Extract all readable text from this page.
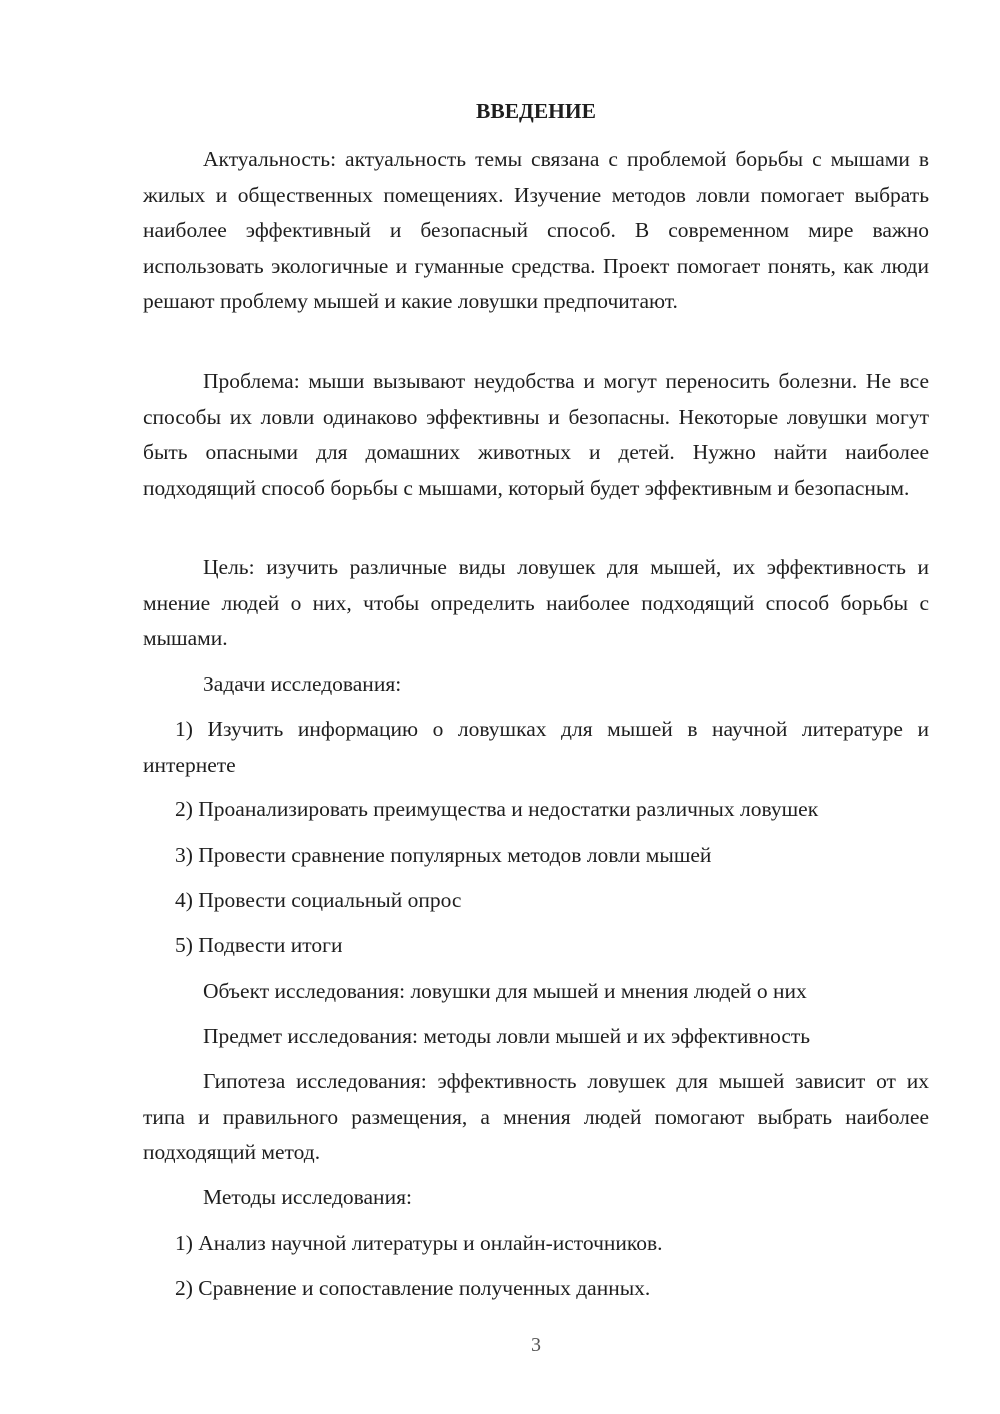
ВВЕДЕНИЕ

Актуальность: актуальность темы связана с проблемой борьбы с мышами в жилых и общественных помещениях. Изучение методов ловли помогает выбрать наиболее эффективный и безопасный способ. В современном мире важно использовать экологичные и гуманные средства. Проект помогает понять, как люди решают проблему мышей и какие ловушки предпочитают.

Проблема: мыши вызывают неудобства и могут переносить болезни. Не все способы их ловли одинаково эффективны и безопасны. Некоторые ловушки могут быть опасными для домашних животных и детей. Нужно найти наиболее подходящий способ борьбы с мышами, который будет эффективным и безопасным.

Цель: изучить различные виды ловушек для мышей, их эффективность и мнение людей о них, чтобы определить наиболее подходящий способ борьбы с мышами.

Задачи исследования:

1) Изучить информацию о ловушках для мышей в научной литературе и интернете

2) Проанализировать преимущества и недостатки различных ловушек

3) Провести сравнение популярных методов ловли мышей

4) Провести социальный опрос

5) Подвести итоги

Объект исследования: ловушки для мышей и мнения людей о них

Предмет исследования: методы ловли мышей и их эффективность

Гипотеза исследования: эффективность ловушек для мышей зависит от их типа и правильного размещения, а мнения людей помогают выбрать наиболее подходящий метод.

Методы исследования:

1) Анализ научной литературы и онлайн-источников.

2) Сравнение и сопоставление полученных данных.

3
